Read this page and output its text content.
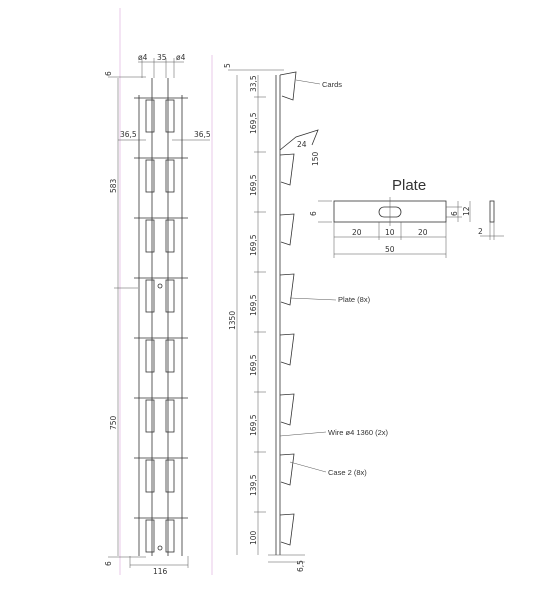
ø4 35 ø4
6
6
583
750
36,5	36,5
116
5
1350
33,5
169,5
169,5
169,5
169,5
169,5
169,5
139,5
100
24
150
6,5
Cards
Plate (8x)
Wire ø4 1360 (2x)
Case 2 (8x)
Plate
6
20	10	20
50
6 12
2
